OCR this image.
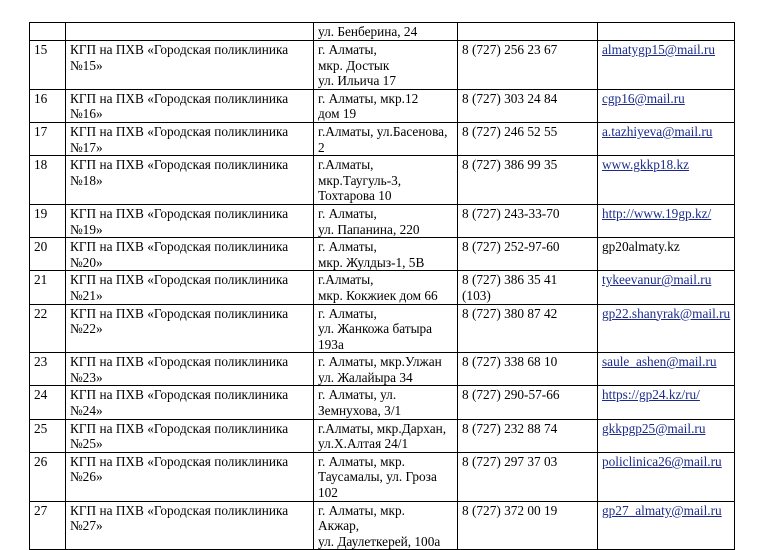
		ул. Бенберина, 24		
15	КГП на ПХВ «Городская поликлиника №15»	г. Алматы,
мкр. Достык
ул. Ильича 17	8 (727) 256 23 67	almatygp15@mail.ru
16	КГП на ПХВ «Городская поликлиника №16»	г. Алматы, мкр.12
дом 19	8 (727) 303 24 84	cgp16@mail.ru
17	КГП на ПХВ «Городская поликлиника №17»	г.Алматы, ул.Басенова,
2	8 (727) 246 52 55	a.tazhiyeva@mail.ru
18	КГП на ПХВ «Городская поликлиника №18»	г.Алматы,
мкр.Таугуль-3,
Тохтарова 10	8 (727) 386 99 35	www.gkkp18.kz
19	КГП на ПХВ «Городская поликлиника №19»	г. Алматы,
ул. Папанина, 220	8 (727) 243-33-70	http://www.19gp.kz/
20	КГП на ПХВ «Городская поликлиника №20»	г. Алматы,
мкр. Жулдыз-1, 5В	8 (727) 252-97-60	gp20almaty.kz
21	КГП на ПХВ «Городская поликлиника №21»	г.Алматы,
мкр. Кокжиек дом 66	8 (727) 386 35 41
(103)	tykeevanur@mail.ru
22	КГП на ПХВ «Городская поликлиника №22»	г. Алматы,
ул. Жанкожа батыра
193а	8 (727) 380 87 42	gp22.shanyrak@mail.ru
23	КГП на ПХВ «Городская поликлиника №23»	г. Алматы, мкр.Улжан
ул. Жалайыра 34	8 (727) 338 68 10	saule_ashen@mail.ru
24	КГП на ПХВ «Городская поликлиника №24»	г. Алматы, ул.
Земнухова, 3/1	8 (727) 290-57-66	https://gp24.kz/ru/
25	КГП на ПХВ «Городская поликлиника №25»	г.Алматы, мкр.Дархан,
ул.Х.Алтая 24/1	8 (727) 232 88 74	gkkpgp25@mail.ru
26	КГП на ПХВ «Городская поликлиника №26»	г. Алматы, мкр.
Таусамалы, ул. Гроза
102	8 (727) 297 37 03	policlinica26@mail.ru
27	КГП на ПХВ «Городская поликлиника №27»	г. Алматы, мкр.
Акжар,
ул. Даулеткерей, 100а	8 (727) 372 00 19	gp27_almaty@mail.ru
